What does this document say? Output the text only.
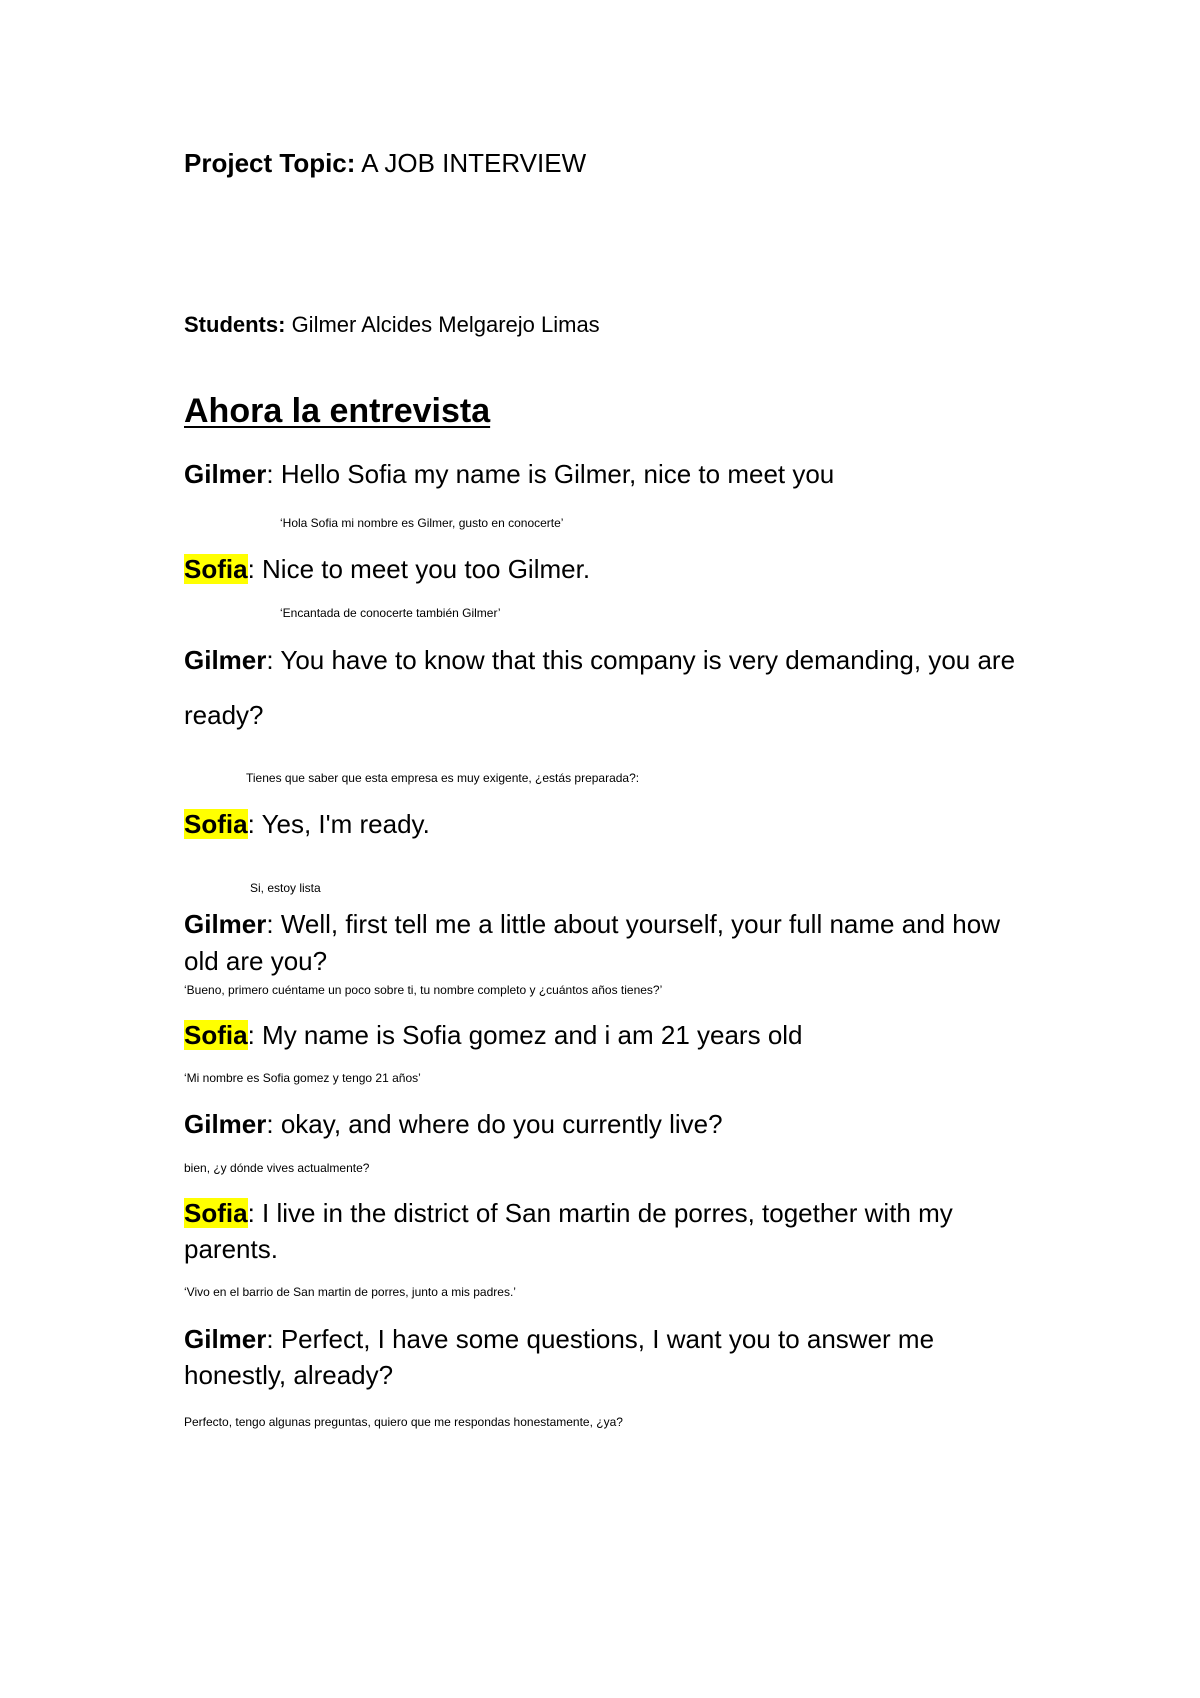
Project Topic: A JOB INTERVIEW
Students: Gilmer Alcides Melgarejo Limas
Ahora la entrevista
Gilmer: Hello Sofia my name is Gilmer, nice to meet you
‘Hola Sofia mi nombre es Gilmer, gusto en conocerte’
Sofia: Nice to meet you too Gilmer.
‘Encantada de conocerte también Gilmer’
Gilmer: You have to know that this company is very demanding, you are
ready?
Tienes que saber que esta empresa es muy exigente, ¿estás preparada?:
Sofia: Yes, I'm ready.
Si, estoy lista
Gilmer: Well, first tell me a little about yourself, your full name and how
old are you?
‘Bueno, primero cuéntame un poco sobre ti, tu nombre completo y ¿cuántos años tienes?’
Sofia: My name is Sofia gomez and i am 21 years old
‘Mi nombre es Sofia gomez y tengo 21 años’
Gilmer: okay, and where do you currently live?
bien, ¿y dónde vives actualmente?
Sofia: I live in the district of San martin de porres, together with my
parents.
‘Vivo en el barrio de San martin de porres, junto a mis padres.’
Gilmer: Perfect, I have some questions, I want you to answer me
honestly, already?
Perfecto, tengo algunas preguntas, quiero que me respondas honestamente, ¿ya?
